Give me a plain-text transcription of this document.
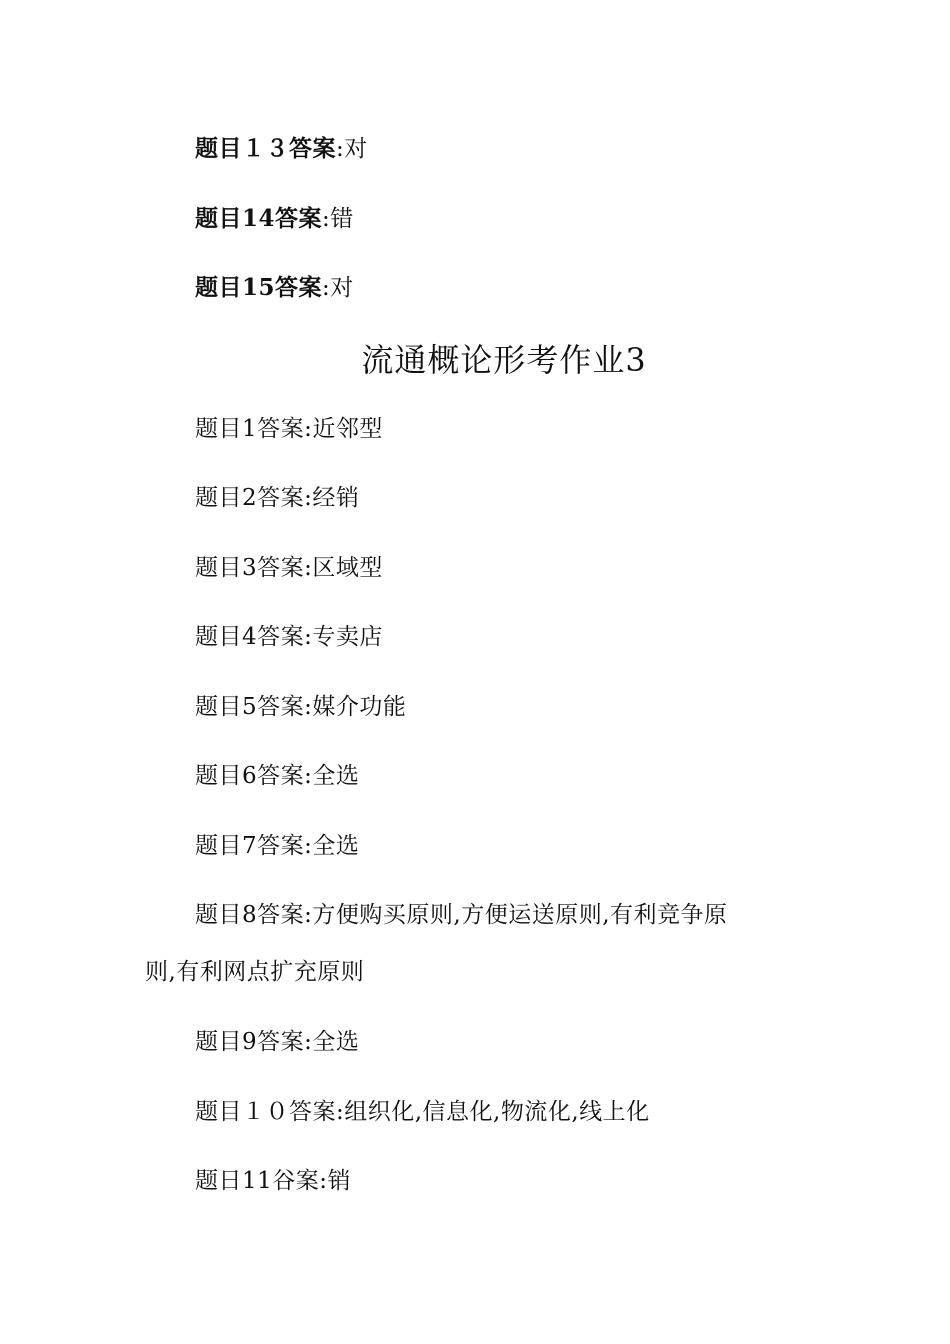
题目１３答案:对
题目14答案:错
题目15答案:对
流通概论形考作业3
题目1答案:近邻型
题目2答案:经销
题目3答案:区域型
题目4答案:专卖店
题目5答案:媒介功能
题目6答案:全选
题目7答案:全选
题目8答案:方便购买原则,方便运送原则,有利竞争原
则,有利网点扩充原则
题目9答案:全选
题目１０答案:组织化,信息化,物流化,线上化
题日11谷案:销
